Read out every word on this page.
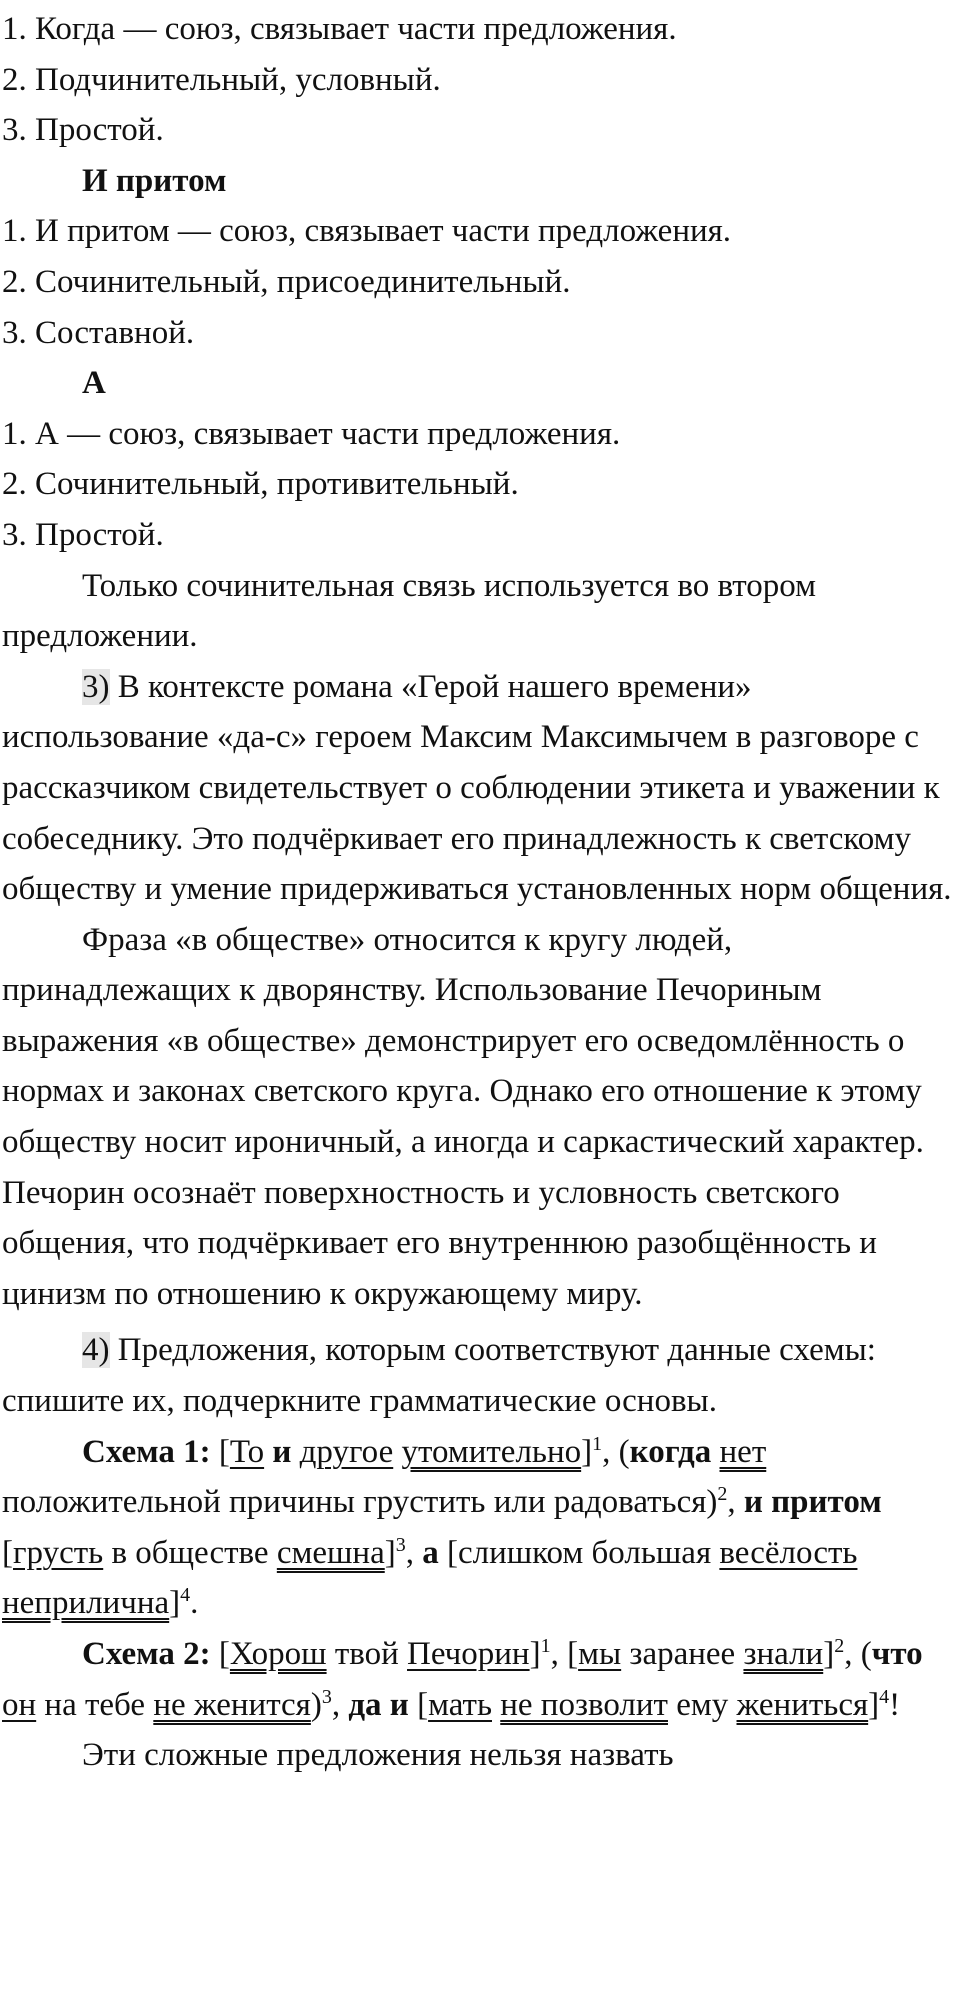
1. Когда — союз, связывает части предложения.

2. Подчинительный, условный.

3. Простой.

И притом

1. И притом — союз, связывает части предложения.

2. Сочинительный, присоединительный.

3. Составной.

А

1. А — союз, связывает части предложения.

2. Сочинительный, противительный.

3. Простой.

Только сочинительная связь используется во втором предложении.

3) В контексте романа «Герой нашего времени» использование «да-с» героем Максим Максимычем в разговоре с рассказчиком свидетельствует о соблюдении этикета и уважении к собеседнику. Это подчёркивает его принадлежность к светскому обществу и умение придерживаться установленных норм общения.

Фраза «в обществе» относится к кругу людей, принадлежащих к дворянству. Использование Печориным выражения «в обществе» демонстрирует его осведомлённость о нормах и законах светского круга. Однако его отношение к этому обществу носит ироничный, а иногда и саркастический характер. Печорин осознаёт поверхностность и условность светского общения, что подчёркивает его внутреннюю разобщённость и цинизм по отношению к окружающему миру.

4) Предложения, которым соответствуют данные схемы: спишите их, подчеркните грамматические основы.

Схема 1: [То и другое утомительно]$^1$, (когда нет положительной причины грустить или радоваться)$^2$, и притом [грусть в обществе смешна]$^3$, а [слишком большая весёлость неприлична]$^4$.

Схема 2: [Хорош твой Печорин]$^1$, [мы заранее знали]$^2$, (что он на тебе не женится)$^3$, да и [мать не позволит ему жениться]$^4$!

Эти сложные предложения нельзя назвать
